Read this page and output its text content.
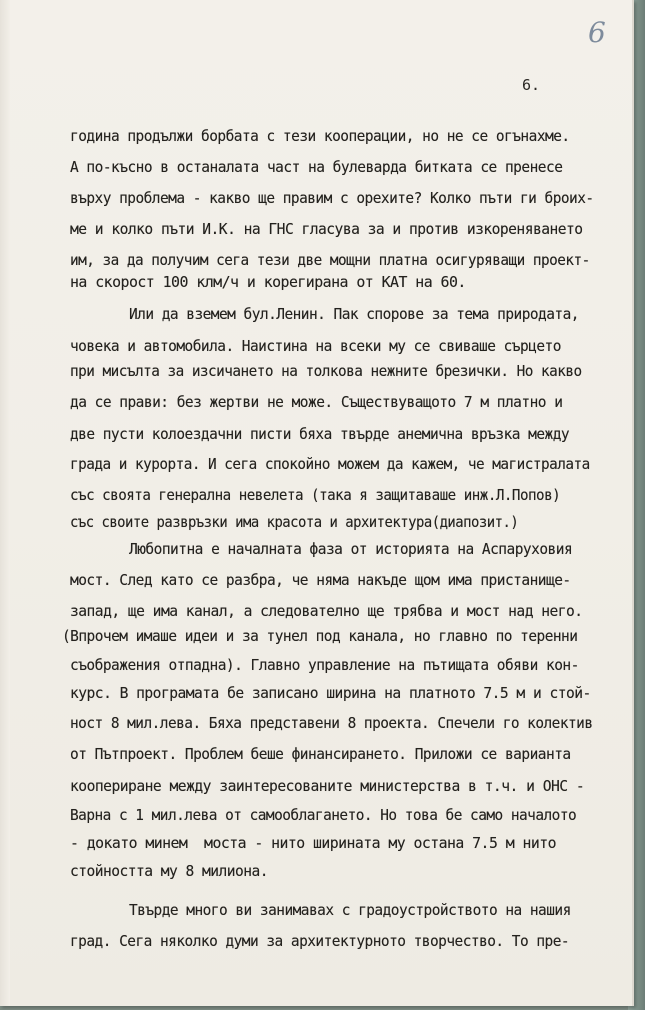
6
6.
година продължи борбата с тези кооперации, но не се огънахме.
А по-късно в останалата част на булеварда битката се пренесе
върху проблема - какво ще правим с орехите? Колко пъти ги броих-
ме и колко пъти И.К. на ГНС гласува за и против изкореняването
им, за да получим сега тези две мощни платна осигуряващи проект-
на скорост 100 клм/ч и корегирана от КАТ на 60.
Или да вземем бул.Ленин. Пак спорове за тема природата,
човека и автомобила. Наистина на всеки му се свиваше сърцето
при мисълта за изсичането на толкова нежните брезички. Но какво
да се прави: без жертви не може. Съществуващото 7 м платно и
две пусти колоездачни писти бяха твърде анемична връзка между
града и курорта. И сега спокойно можем да кажем, че магистралата
със своята генерална невелета (така я защитаваше инж.Л.Попов)
със своите развръзки има красота и архитектура(диапозит.)
Любопитна е началната фаза от историята на Аспаруховия
мост. След като се разбра, че няма накъде щом има пристанище-
запад, ще има канал, а следователно ще трябва и мост над него.
(Впрочем имаше идеи и за тунел под канала, но главно по теренни
съображения отпадна). Главно управление на пътищата обяви кон-
курс. В програмата бе записано ширина на платното 7.5 м и стой-
ност 8 мил.лева. Бяха представени 8 проекта. Спечели го колектив
от Пътпроект. Проблем беше финансирането. Приложи се варианта
коопериране между заинтересованите министерства в т.ч. и ОНС -
Варна с 1 мил.лева от самооблагането. Но това бе само началото
- докато минем  моста - нито ширината му остана 7.5 м нито
стойността му 8 милиона.
Твърде много ви занимавах с градоустройството на нашия
град. Сега няколко думи за архитектурното творчество. То пре-
